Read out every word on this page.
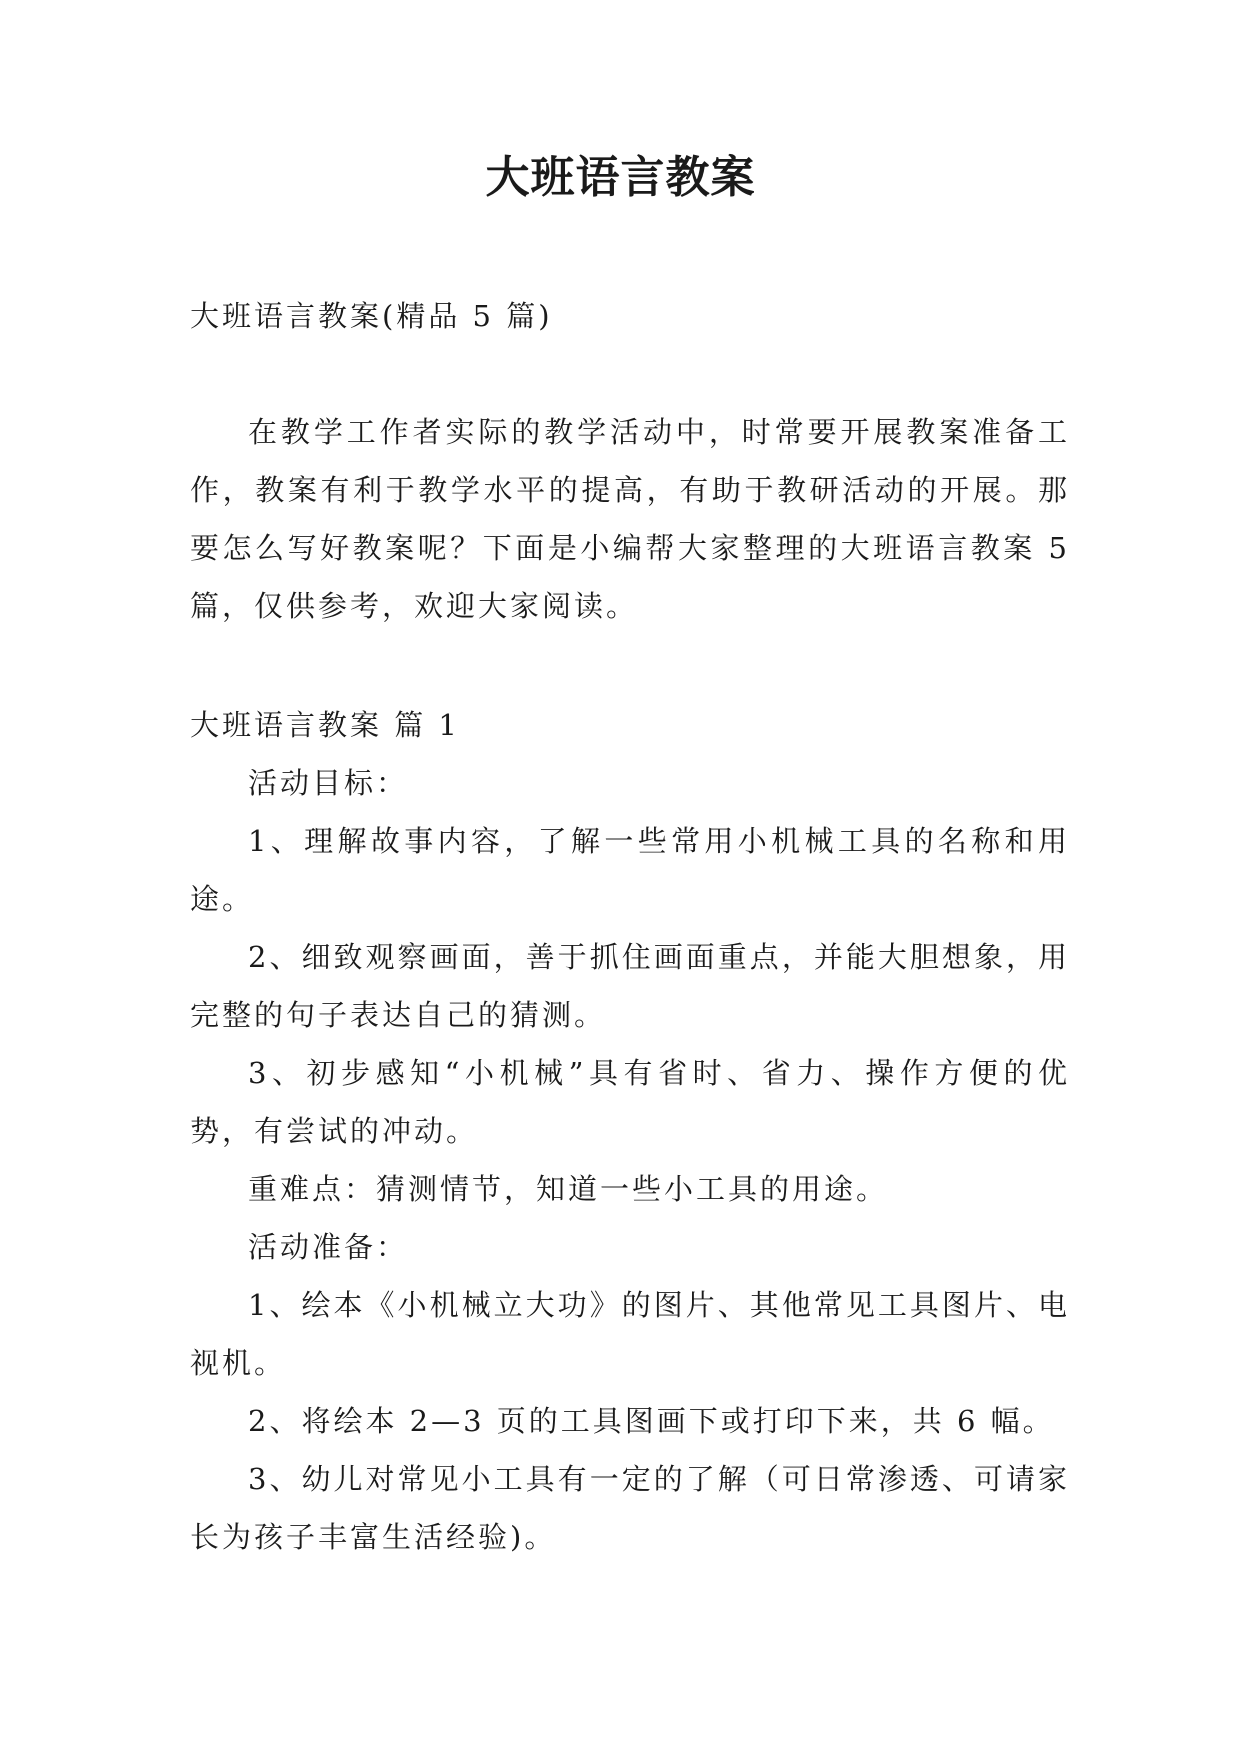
大班语言教案
大班语言教案(精品 5 篇)
在教学工作者实际的教学活动中，时常要开展教案准备工作，教案有利于教学水平的提高，有助于教研活动的开展。那要怎么写好教案呢？下面是小编帮大家整理的大班语言教案 5 篇，仅供参考，欢迎大家阅读。
大班语言教案 篇 1

活动目标：

1、理解故事内容，了解一些常用小机械工具的名称和用途。

2、细致观察画面，善于抓住画面重点，并能大胆想象，用完整的句子表达自己的猜测。

3、初步感知“小机械”具有省时、省力、操作方便的优势，有尝试的冲动。

重难点：猜测情节，知道一些小工具的用途。

活动准备：

1、绘本《小机械立大功》的图片、其他常见工具图片、电视机。

2、将绘本 2—3 页的工具图画下或打印下来，共 6 幅。

3、幼儿对常见小工具有一定的了解（可日常渗透、可请家长为孩子丰富生活经验)。
